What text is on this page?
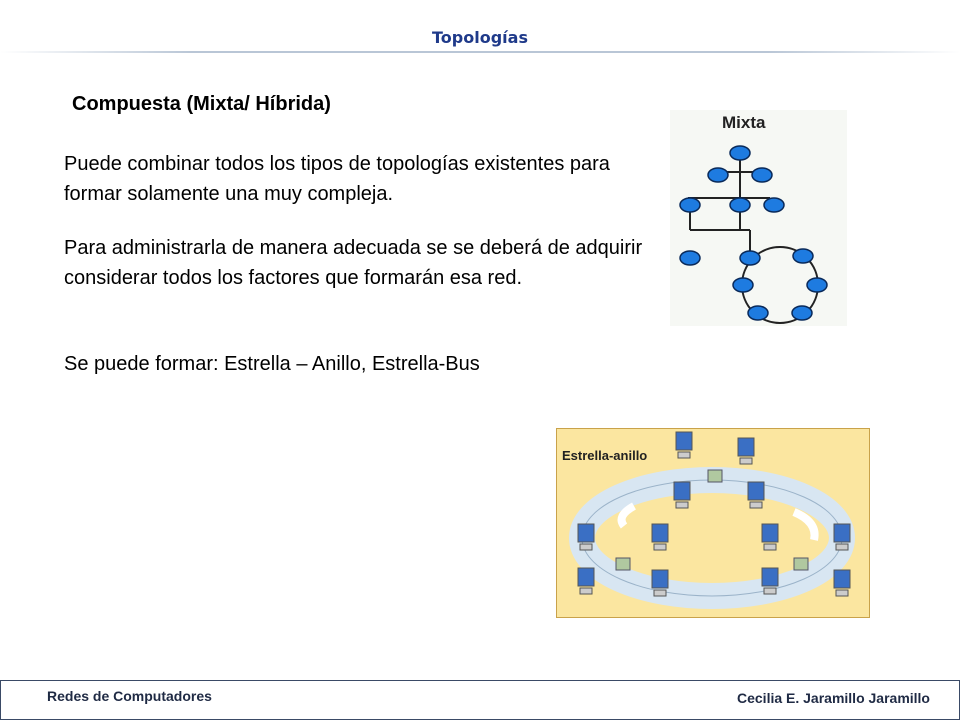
Topologías
Compuesta (Mixta/ Híbrida)
Puede combinar todos los tipos de topologías existentes para formar solamente una muy compleja.
Para administrarla de manera adecuada se se deberá de adquirir considerar todos los factores que formarán esa red.
Se puede formar: Estrella – Anillo, Estrella-Bus
Mixta
Estrella-anillo
Redes de Computadores	Cecilia E. Jaramillo Jaramillo
